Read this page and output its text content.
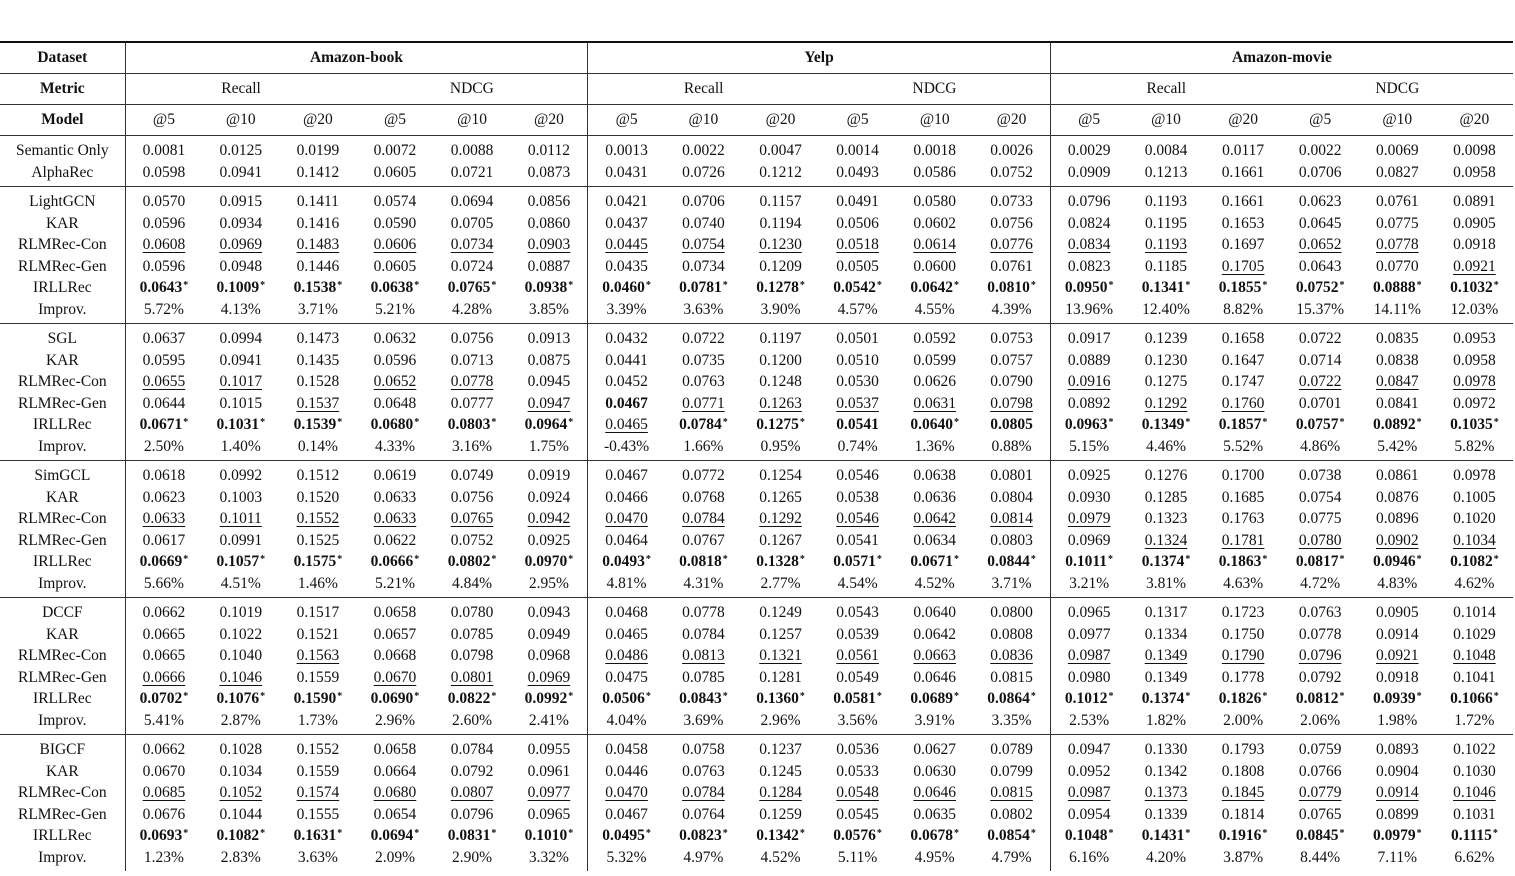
Dataset	Amazon-book						Yelp						Amazon-movie					
Metric	Recall			NDCG			Recall			NDCG			Recall			NDCG		
Model	@5	@10	@20	@5	@10	@20	@5	@10	@20	@5	@10	@20	@5	@10	@20	@5	@10	@20
Semantic Only	0.0081	0.0125	0.0199	0.0072	0.0088	0.0112	0.0013	0.0022	0.0047	0.0014	0.0018	0.0026	0.0029	0.0084	0.0117	0.0022	0.0069	0.0098
AlphaRec	0.0598	0.0941	0.1412	0.0605	0.0721	0.0873	0.0431	0.0726	0.1212	0.0493	0.0586	0.0752	0.0909	0.1213	0.1661	0.0706	0.0827	0.0958
LightGCN	0.0570	0.0915	0.1411	0.0574	0.0694	0.0856	0.0421	0.0706	0.1157	0.0491	0.0580	0.0733	0.0796	0.1193	0.1661	0.0623	0.0761	0.0891
KAR	0.0596	0.0934	0.1416	0.0590	0.0705	0.0860	0.0437	0.0740	0.1194	0.0506	0.0602	0.0756	0.0824	0.1195	0.1653	0.0645	0.0775	0.0905
RLMRec-Con	0.0608	0.0969	0.1483	0.0606	0.0734	0.0903	0.0445	0.0754	0.1230	0.0518	0.0614	0.0776	0.0834	0.1193	0.1697	0.0652	0.0778	0.0918
RLMRec-Gen	0.0596	0.0948	0.1446	0.0605	0.0724	0.0887	0.0435	0.0734	0.1209	0.0505	0.0600	0.0761	0.0823	0.1185	0.1705	0.0643	0.0770	0.0921
IRLLRec	0.0643*	0.1009*	0.1538*	0.0638*	0.0765*	0.0938*	0.0460*	0.0781*	0.1278*	0.0542*	0.0642*	0.0810*	0.0950*	0.1341*	0.1855*	0.0752*	0.0888*	0.1032*
Improv.	5.72%	4.13%	3.71%	5.21%	4.28%	3.85%	3.39%	3.63%	3.90%	4.57%	4.55%	4.39%	13.96%	12.40%	8.82%	15.37%	14.11%	12.03%
SGL	0.0637	0.0994	0.1473	0.0632	0.0756	0.0913	0.0432	0.0722	0.1197	0.0501	0.0592	0.0753	0.0917	0.1239	0.1658	0.0722	0.0835	0.0953
KAR	0.0595	0.0941	0.1435	0.0596	0.0713	0.0875	0.0441	0.0735	0.1200	0.0510	0.0599	0.0757	0.0889	0.1230	0.1647	0.0714	0.0838	0.0958
RLMRec-Con	0.0655	0.1017	0.1528	0.0652	0.0778	0.0945	0.0452	0.0763	0.1248	0.0530	0.0626	0.0790	0.0916	0.1275	0.1747	0.0722	0.0847	0.0978
RLMRec-Gen	0.0644	0.1015	0.1537	0.0648	0.0777	0.0947	0.0467	0.0771	0.1263	0.0537	0.0631	0.0798	0.0892	0.1292	0.1760	0.0701	0.0841	0.0972
IRLLRec	0.0671*	0.1031*	0.1539*	0.0680*	0.0803*	0.0964*	0.0465	0.0784*	0.1275*	0.0541	0.0640*	0.0805	0.0963*	0.1349*	0.1857*	0.0757*	0.0892*	0.1035*
Improv.	2.50%	1.40%	0.14%	4.33%	3.16%	1.75%	-0.43%	1.66%	0.95%	0.74%	1.36%	0.88%	5.15%	4.46%	5.52%	4.86%	5.42%	5.82%
SimGCL	0.0618	0.0992	0.1512	0.0619	0.0749	0.0919	0.0467	0.0772	0.1254	0.0546	0.0638	0.0801	0.0925	0.1276	0.1700	0.0738	0.0861	0.0978
KAR	0.0623	0.1003	0.1520	0.0633	0.0756	0.0924	0.0466	0.0768	0.1265	0.0538	0.0636	0.0804	0.0930	0.1285	0.1685	0.0754	0.0876	0.1005
RLMRec-Con	0.0633	0.1011	0.1552	0.0633	0.0765	0.0942	0.0470	0.0784	0.1292	0.0546	0.0642	0.0814	0.0979	0.1323	0.1763	0.0775	0.0896	0.1020
RLMRec-Gen	0.0617	0.0991	0.1525	0.0622	0.0752	0.0925	0.0464	0.0767	0.1267	0.0541	0.0634	0.0803	0.0969	0.1324	0.1781	0.0780	0.0902	0.1034
IRLLRec	0.0669*	0.1057*	0.1575*	0.0666*	0.0802*	0.0970*	0.0493*	0.0818*	0.1328*	0.0571*	0.0671*	0.0844*	0.1011*	0.1374*	0.1863*	0.0817*	0.0946*	0.1082*
Improv.	5.66%	4.51%	1.46%	5.21%	4.84%	2.95%	4.81%	4.31%	2.77%	4.54%	4.52%	3.71%	3.21%	3.81%	4.63%	4.72%	4.83%	4.62%
DCCF	0.0662	0.1019	0.1517	0.0658	0.0780	0.0943	0.0468	0.0778	0.1249	0.0543	0.0640	0.0800	0.0965	0.1317	0.1723	0.0763	0.0905	0.1014
KAR	0.0665	0.1022	0.1521	0.0657	0.0785	0.0949	0.0465	0.0784	0.1257	0.0539	0.0642	0.0808	0.0977	0.1334	0.1750	0.0778	0.0914	0.1029
RLMRec-Con	0.0665	0.1040	0.1563	0.0668	0.0798	0.0968	0.0486	0.0813	0.1321	0.0561	0.0663	0.0836	0.0987	0.1349	0.1790	0.0796	0.0921	0.1048
RLMRec-Gen	0.0666	0.1046	0.1559	0.0670	0.0801	0.0969	0.0475	0.0785	0.1281	0.0549	0.0646	0.0815	0.0980	0.1349	0.1778	0.0792	0.0918	0.1041
IRLLRec	0.0702*	0.1076*	0.1590*	0.0690*	0.0822*	0.0992*	0.0506*	0.0843*	0.1360*	0.0581*	0.0689*	0.0864*	0.1012*	0.1374*	0.1826*	0.0812*	0.0939*	0.1066*
Improv.	5.41%	2.87%	1.73%	2.96%	2.60%	2.41%	4.04%	3.69%	2.96%	3.56%	3.91%	3.35%	2.53%	1.82%	2.00%	2.06%	1.98%	1.72%
BIGCF	0.0662	0.1028	0.1552	0.0658	0.0784	0.0955	0.0458	0.0758	0.1237	0.0536	0.0627	0.0789	0.0947	0.1330	0.1793	0.0759	0.0893	0.1022
KAR	0.0670	0.1034	0.1559	0.0664	0.0792	0.0961	0.0446	0.0763	0.1245	0.0533	0.0630	0.0799	0.0952	0.1342	0.1808	0.0766	0.0904	0.1030
RLMRec-Con	0.0685	0.1052	0.1574	0.0680	0.0807	0.0977	0.0470	0.0784	0.1284	0.0548	0.0646	0.0815	0.0987	0.1373	0.1845	0.0779	0.0914	0.1046
RLMRec-Gen	0.0676	0.1044	0.1555	0.0654	0.0796	0.0965	0.0467	0.0764	0.1259	0.0545	0.0635	0.0802	0.0954	0.1339	0.1814	0.0765	0.0899	0.1031
IRLLRec	0.0693*	0.1082*	0.1631*	0.0694*	0.0831*	0.1010*	0.0495*	0.0823*	0.1342*	0.0576*	0.0678*	0.0854*	0.1048*	0.1431*	0.1916*	0.0845*	0.0979*	0.1115*
Improv.	1.23%	2.83%	3.63%	2.09%	2.90%	3.32%	5.32%	4.97%	4.52%	5.11%	4.95%	4.79%	6.16%	4.20%	3.87%	8.44%	7.11%	6.62%
